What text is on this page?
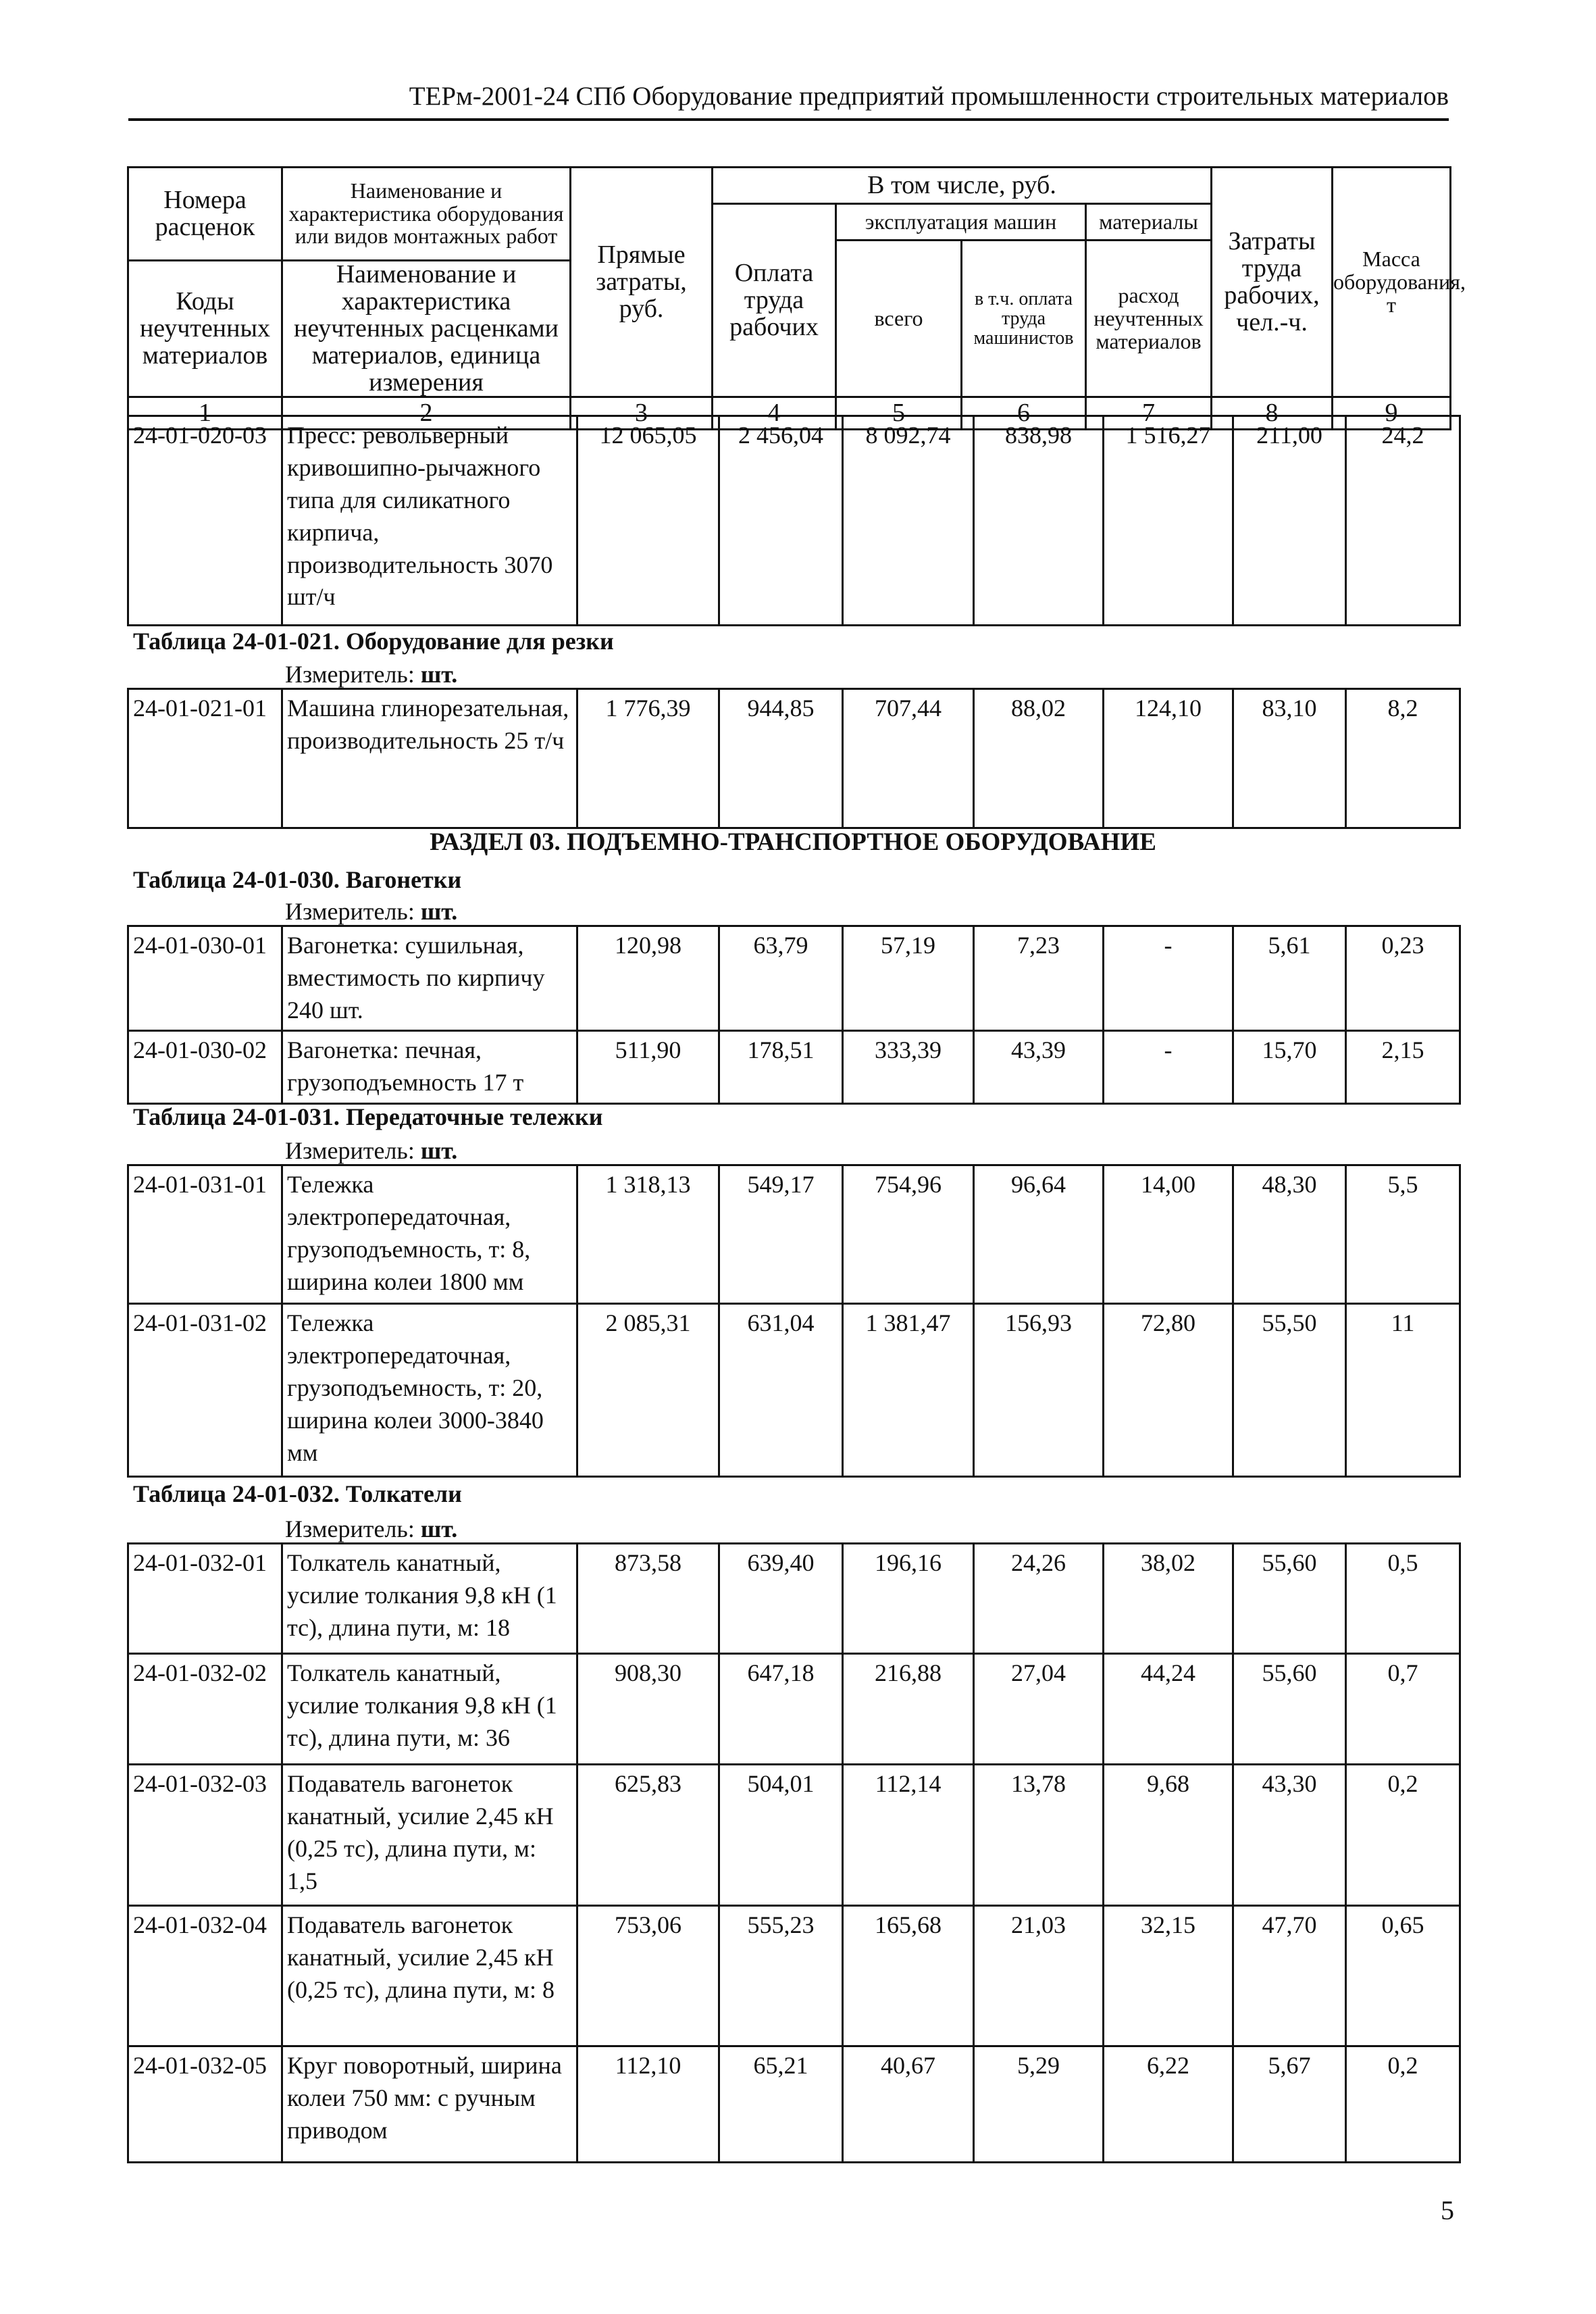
ТЕРм-2001-24 СПб Оборудование предприятий промышленности строительных материалов
Номера расценок	Наименование и характеристика оборудования или видов монтажных работ	Прямые затраты, руб.	В том числе, руб.				Затраты труда рабочих, чел.-ч.	Масса оборудования, т
			Оплата труда рабочих	эксплуатация машин		материалы		
				всего	в т.ч. оплата труда машинистов	расход неучтенных материалов		
Коды неучтенных материалов	Наименование и характеристика неучтенных расценками материалов, единица измерения							

1	2	3	4	5	6	7	8	9
24-01-020-03	Пресс: револьверный кривошипно-рычажного типа для силикатного кирпича, производительность 3070 шт/ч	12 065,05	2 456,04	8 092,74	838,98	1 516,27	211,00	24,2
Таблица 24-01-021. Оборудование для резки
Измеритель: шт.
24-01-021-01	Машина глинорезательная, производительность 25 т/ч	1 776,39	944,85	707,44	88,02	124,10	83,10	8,2
РАЗДЕЛ 03. ПОДЪЕМНО-ТРАНСПОРТНОЕ ОБОРУДОВАНИЕ
Таблица 24-01-030. Вагонетки
Измеритель: шт.
24-01-030-01	Вагонетка: сушильная, вместимость по кирпичу 240 шт.	120,98	63,79	57,19	7,23	-	5,61	0,23
24-01-030-02	Вагонетка: печная, грузоподъемность 17 т	511,90	178,51	333,39	43,39	-	15,70	2,15
Таблица 24-01-031. Передаточные тележки
Измеритель: шт.
24-01-031-01	Тележка электропередаточная, грузоподъемность, т: 8, ширина колеи 1800 мм	1 318,13	549,17	754,96	96,64	14,00	48,30	5,5
24-01-031-02	Тележка электропередаточная, грузоподъемность, т: 20, ширина колеи 3000-3840 мм	2 085,31	631,04	1 381,47	156,93	72,80	55,50	11
Таблица 24-01-032. Толкатели
Измеритель: шт.
24-01-032-01	Толкатель канатный, усилие толкания 9,8 кН (1 тс), длина пути, м: 18	873,58	639,40	196,16	24,26	38,02	55,60	0,5
24-01-032-02	Толкатель канатный, усилие толкания 9,8 кН (1 тс), длина пути, м: 36	908,30	647,18	216,88	27,04	44,24	55,60	0,7
24-01-032-03	Подаватель вагонеток канатный, усилие 2,45 кН (0,25 тс), длина пути, м: 1,5	625,83	504,01	112,14	13,78	9,68	43,30	0,2
24-01-032-04	Подаватель вагонеток канатный, усилие 2,45 кН (0,25 тс), длина пути, м: 8	753,06	555,23	165,68	21,03	32,15	47,70	0,65
24-01-032-05	Круг поворотный, ширина колеи 750 мм: с ручным приводом	112,10	65,21	40,67	5,29	6,22	5,67	0,2
5
